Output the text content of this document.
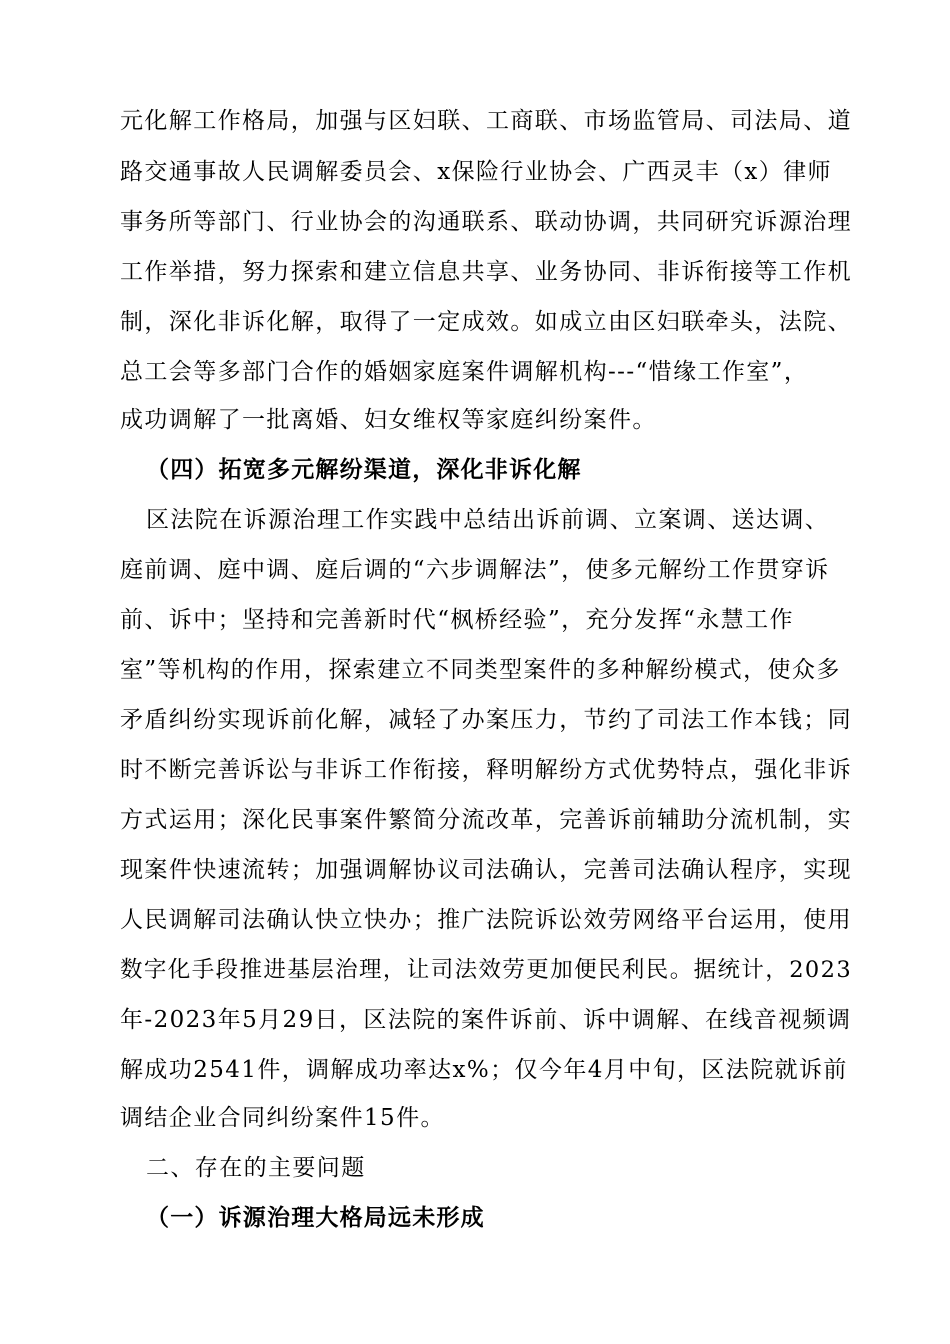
元化解工作格局，加强与区妇联、工商联、市场监管局、司法局、道
路交通事故人民调解委员会、x保险行业协会、广西灵丰（x）律师
事务所等部门、行业协会的沟通联系、联动协调，共同研究诉源治理
工作举措，努力探索和建立信息共享、业务协同、非诉衔接等工作机
制，深化非诉化解，取得了一定成效。如成立由区妇联牵头，法院、
总工会等多部门合作的婚姻家庭案件调解机构---“惜缘工作室”，
成功调解了一批离婚、妇女维权等家庭纠纷案件。
（四）拓宽多元解纷渠道，深化非诉化解
区法院在诉源治理工作实践中总结出诉前调、立案调、送达调、
庭前调、庭中调、庭后调的“六步调解法”，使多元解纷工作贯穿诉
前、诉中；坚持和完善新时代“枫桥经验”，充分发挥“永慧工作
室”等机构的作用，探索建立不同类型案件的多种解纷模式，使众多
矛盾纠纷实现诉前化解，减轻了办案压力，节约了司法工作本钱；同
时不断完善诉讼与非诉工作衔接，释明解纷方式优势特点，强化非诉
方式运用；深化民事案件繁简分流改革，完善诉前辅助分流机制，实
现案件快速流转；加强调解协议司法确认，完善司法确认程序，实现
人民调解司法确认快立快办；推广法院诉讼效劳网络平台运用，使用
数字化手段推进基层治理，让司法效劳更加便民利民。据统计，2023
年-2023年5月29日，区法院的案件诉前、诉中调解、在线音视频调
解成功2541件，调解成功率达x%；仅今年4月中旬，区法院就诉前
调结企业合同纠纷案件15件。
二、存在的主要问题
（一）诉源治理大格局远未形成
